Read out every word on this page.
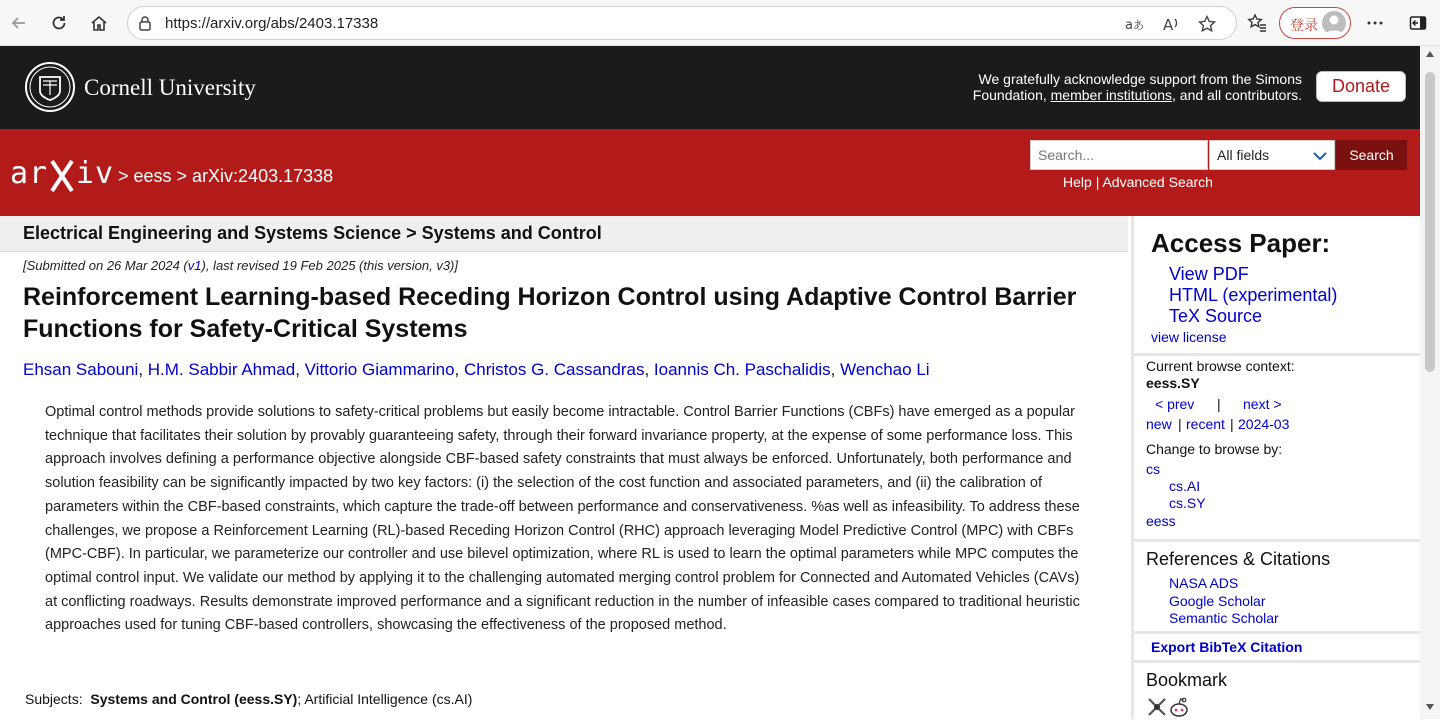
https://arxiv.org/abs/2403.17338	a あ A	登录
Cornell University	We gratefully acknowledge support from the Simons
Foundation, member institutions, and all contributors.	Donate
ar iv > eess > arXiv:2403.17338
Search...	All fields	Search
Help | Advanced Search
Electrical Engineering and Systems Science > Systems and Control
[Submitted on 26 Mar 2024 (v1), last revised 19 Feb 2025 (this version, v3)]
Reinforcement Learning-based Receding Horizon Control using Adaptive Control Barrier Functions for Safety-Critical Systems
Ehsan Sabouni, H.M. Sabbir Ahmad, Vittorio Giammarino, Christos G. Cassandras, Ioannis Ch. Paschalidis, Wenchao Li

Optimal control methods provide solutions to safety-critical problems but easily become intractable. Control Barrier Functions (CBFs) have emerged as a popular technique that facilitates their solution by provably guaranteeing safety, through their forward invariance property, at the expense of some performance loss. This approach involves defining a performance objective alongside CBF-based safety constraints that must always be enforced. Unfortunately, both performance and solution feasibility can be significantly impacted by two key factors: (i) the selection of the cost function and associated parameters, and (ii) the calibration of parameters within the CBF-based constraints, which capture the trade-off between performance and conservativeness. %as well as infeasibility. To address these challenges, we propose a Reinforcement Learning (RL)-based Receding Horizon Control (RHC) approach leveraging Model Predictive Control (MPC) with CBFs (MPC-CBF). In particular, we parameterize our controller and use bilevel optimization, where RL is used to learn the optimal parameters while MPC computes the optimal control input. We validate our method by applying it to the challenging automated merging control problem for Connected and Automated Vehicles (CAVs) at conflicting roadways. Results demonstrate improved performance and a significant reduction in the number of infeasible cases compared to traditional heuristic approaches used for tuning CBF-based controllers, showcasing the effectiveness of the proposed method.

Subjects: Systems and Control (eess.SY); Artificial Intelligence (cs.AI)
Access Paper:
View PDF
HTML (experimental)
TeX Source
view license
Current browse context:
eess.SY
< prev | next >
new | recent | 2024-03
Change to browse by:
cs
cs.AI
cs.SY
eess
References & Citations
NASA ADS
Google Scholar
Semantic Scholar
Export BibTeX Citation
Bookmark
